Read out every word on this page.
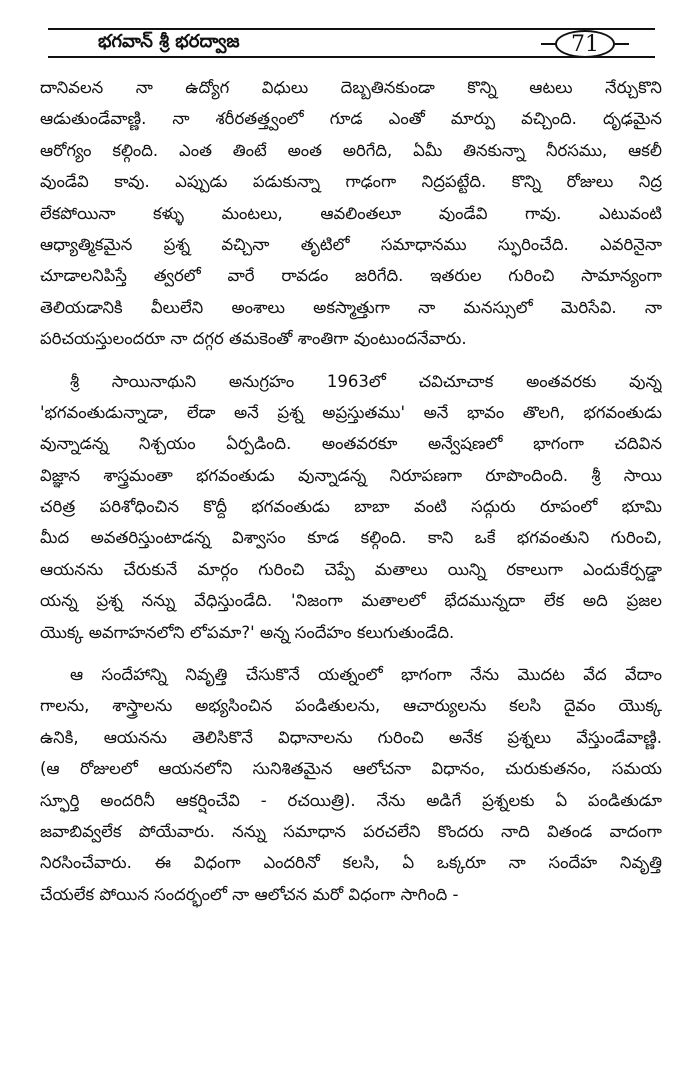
భగవాన్ శ్రీ భరద్వాజ	71
దానివలన నా ఉద్యోగ విధులు దెబ్బతినకుండా కొన్ని ఆటలు నేర్చుకొని
ఆడుతుండేవాణ్ణి. నా శరీరతత్త్వంలో గూడ ఎంతో మార్పు వచ్చింది. దృఢమైన
ఆరోగ్యం కల్గింది. ఎంత తింటే అంత అరిగేది, ఏమీ తినకున్నా నీరసము, ఆకలీ
వుండేవి కావు. ఎప్పుడు పడుకున్నా గాఢంగా నిద్రపట్టేది. కొన్ని రోజులు నిద్ర
లేకపోయినా కళ్ళు మంటలు, ఆవలింతలూ వుండేవి గావు. ఎటువంటి
ఆధ్యాత్మికమైన ప్రశ్న వచ్చినా తృటిలో సమాధానము స్ఫురించేది. ఎవరినైనా
చూడాలనిపిస్తే త్వరలో వారే రావడం జరిగేది. ఇతరుల గురించి సామాన్యంగా
తెలియడానికి వీలులేని అంశాలు అకస్మాత్తుగా నా మనస్సులో మెరిసేవి. నా
పరిచయస్తులందరూ నా దగ్గర తమకెంతో శాంతిగా వుంటుందనేవారు.
శ్రీ సాయినాథుని అనుగ్రహం 1963లో చవిచూచాక అంతవరకు వున్న
'భగవంతుడున్నాడా, లేడా అనే ప్రశ్న అప్రస్తుతము' అనే భావం తొలగి, భగవంతుడు
వున్నాడన్న నిశ్చయం ఏర్పడింది. అంతవరకూ అన్వేషణలో భాగంగా చదివిన
విజ్ఞాన శాస్త్రమంతా భగవంతుడు వున్నాడన్న నిరూపణగా రూపొందింది. శ్రీ సాయి
చరిత్ర పరిశోధించిన కొద్దీ భగవంతుడు బాబా వంటి సద్గురు రూపంలో భూమి
మీద అవతరిస్తుంటాడన్న విశ్వాసం కూడ కల్గింది. కాని ఒకే భగవంతుని గురించి,
ఆయనను చేరుకునే మార్గం గురించి చెప్పే మతాలు యిన్ని రకాలుగా ఎందుకేర్పడ్డా
యన్న ప్రశ్న నన్ను వేధిస్తుండేది. 'నిజంగా మతాలలో భేదమున్నదా లేక అది ప్రజల
యొక్క అవగాహనలోని లోపమా?' అన్న సందేహం కలుగుతుండేది.
ఆ సందేహాన్ని నివృత్తి చేసుకొనే యత్నంలో భాగంగా నేను మొదట వేద వేదాం
గాలను, శాస్త్రాలను అభ్యసించిన పండితులను, ఆచార్యులను కలసి దైవం యొక్క
ఉనికి, ఆయనను తెలిసికొనే విధానాలను గురించి అనేక ప్రశ్నలు వేస్తుండేవాణ్ణి.
(ఆ రోజులలో ఆయనలోని సునిశితమైన ఆలోచనా విధానం, చురుకుతనం, సమయ
స్ఫూర్తి అందరినీ ఆకర్షించేవి - రచయిత్రి). నేను అడిగే ప్రశ్నలకు ఏ పండితుడూ
జవాబివ్వలేక పోయేవారు. నన్ను సమాధాన పరచలేని కొందరు నాది వితండ వాదంగా
నిరసించేవారు. ఈ విధంగా ఎందరినో కలసి, ఏ ఒక్కరూ నా సందేహ నివృత్తి
చేయలేక పోయిన సందర్భంలో నా ఆలోచన మరో విధంగా సాగింది -
